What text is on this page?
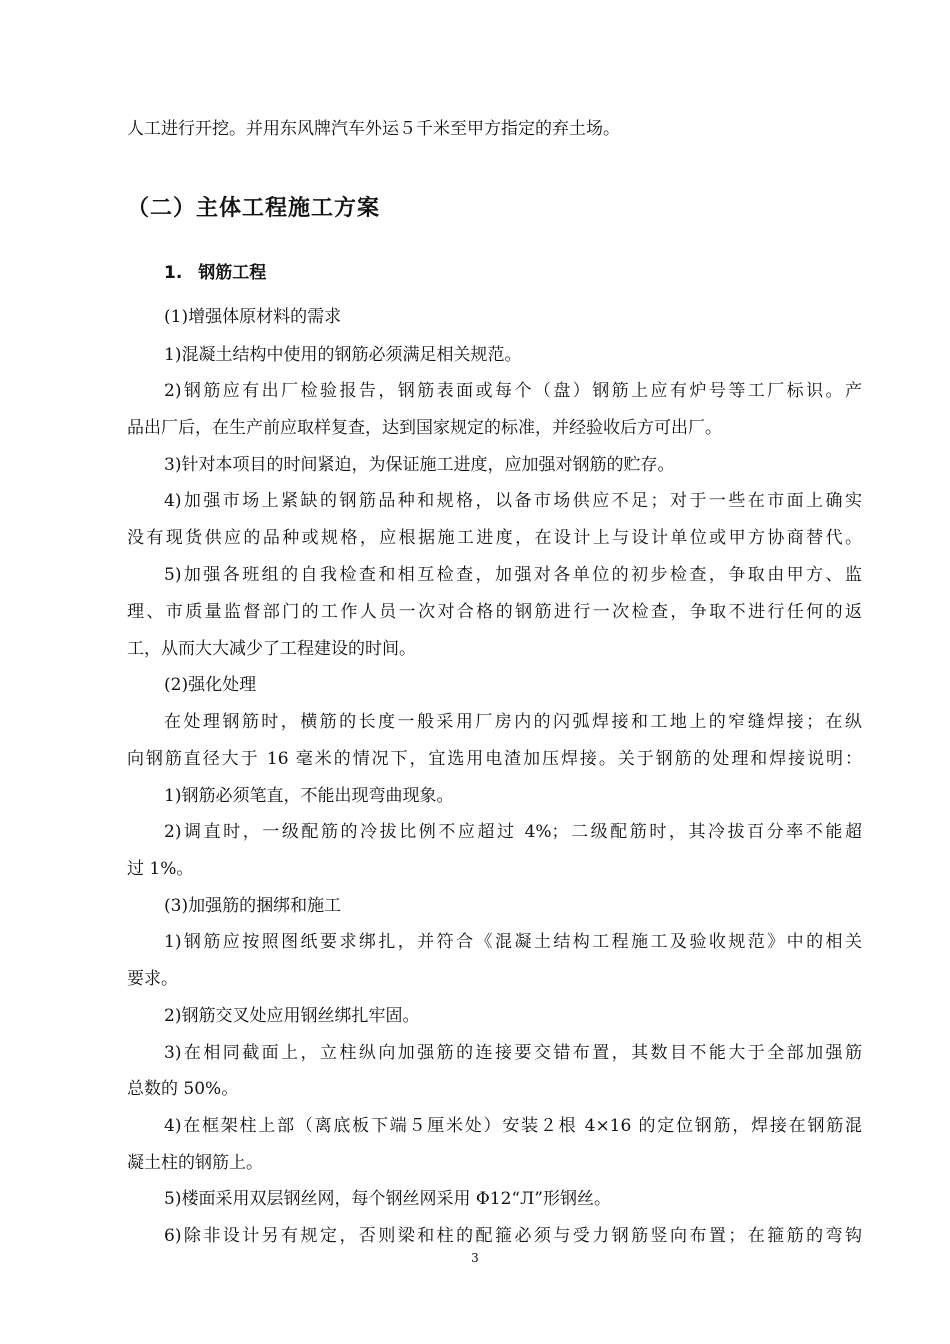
人工进行开挖。并用东风牌汽车外运５千米至甲方指定的弃土场。
（二）主体工程施工方案
1. 钢筋工程
(1)增强体原材料的需求
1)混凝土结构中使用的钢筋必须满足相关规范。
2)钢筋应有出厂检验报告，钢筋表面或每个（盘）钢筋上应有炉号等工厂标识。产
品出厂后，在生产前应取样复查，达到国家规定的标准，并经验收后方可出厂。
3)针对本项目的时间紧迫，为保证施工进度，应加强对钢筋的贮存。
4)加强市场上紧缺的钢筋品种和规格，以备市场供应不足；对于一些在市面上确实
没有现货供应的品种或规格，应根据施工进度，在设计上与设计单位或甲方协商替代。
5)加强各班组的自我检查和相互检查，加强对各单位的初步检查，争取由甲方、监
理、市质量监督部门的工作人员一次对合格的钢筋进行一次检查，争取不进行任何的返
工，从而大大减少了工程建设的时间。
(2)强化处理
在处理钢筋时，横筋的长度一般采用厂房内的闪弧焊接和工地上的窄缝焊接；在纵
向钢筋直径大于 16 毫米的情况下，宜选用电渣加压焊接。关于钢筋的处理和焊接说明：
1)钢筋必须笔直，不能出现弯曲现象。
2)调直时，一级配筋的冷拔比例不应超过 4%；二级配筋时，其冷拔百分率不能超
过 1%。
(3)加强筋的捆绑和施工
1)钢筋应按照图纸要求绑扎，并符合《混凝土结构工程施工及验收规范》中的相关
要求。
2)钢筋交叉处应用钢丝绑扎牢固。
3)在相同截面上，立柱纵向加强筋的连接要交错布置，其数目不能大于全部加强筋
总数的 50%。
4)在框架柱上部（离底板下端５厘米处）安装２根 4×16 的定位钢筋，焊接在钢筋混
凝土柱的钢筋上。
5)楼面采用双层钢丝网，每个钢丝网采用 Φ12“Л”形钢丝。
6)除非设计另有规定，否则梁和柱的配箍必须与受力钢筋竖向布置；在箍筋的弯钩
3
